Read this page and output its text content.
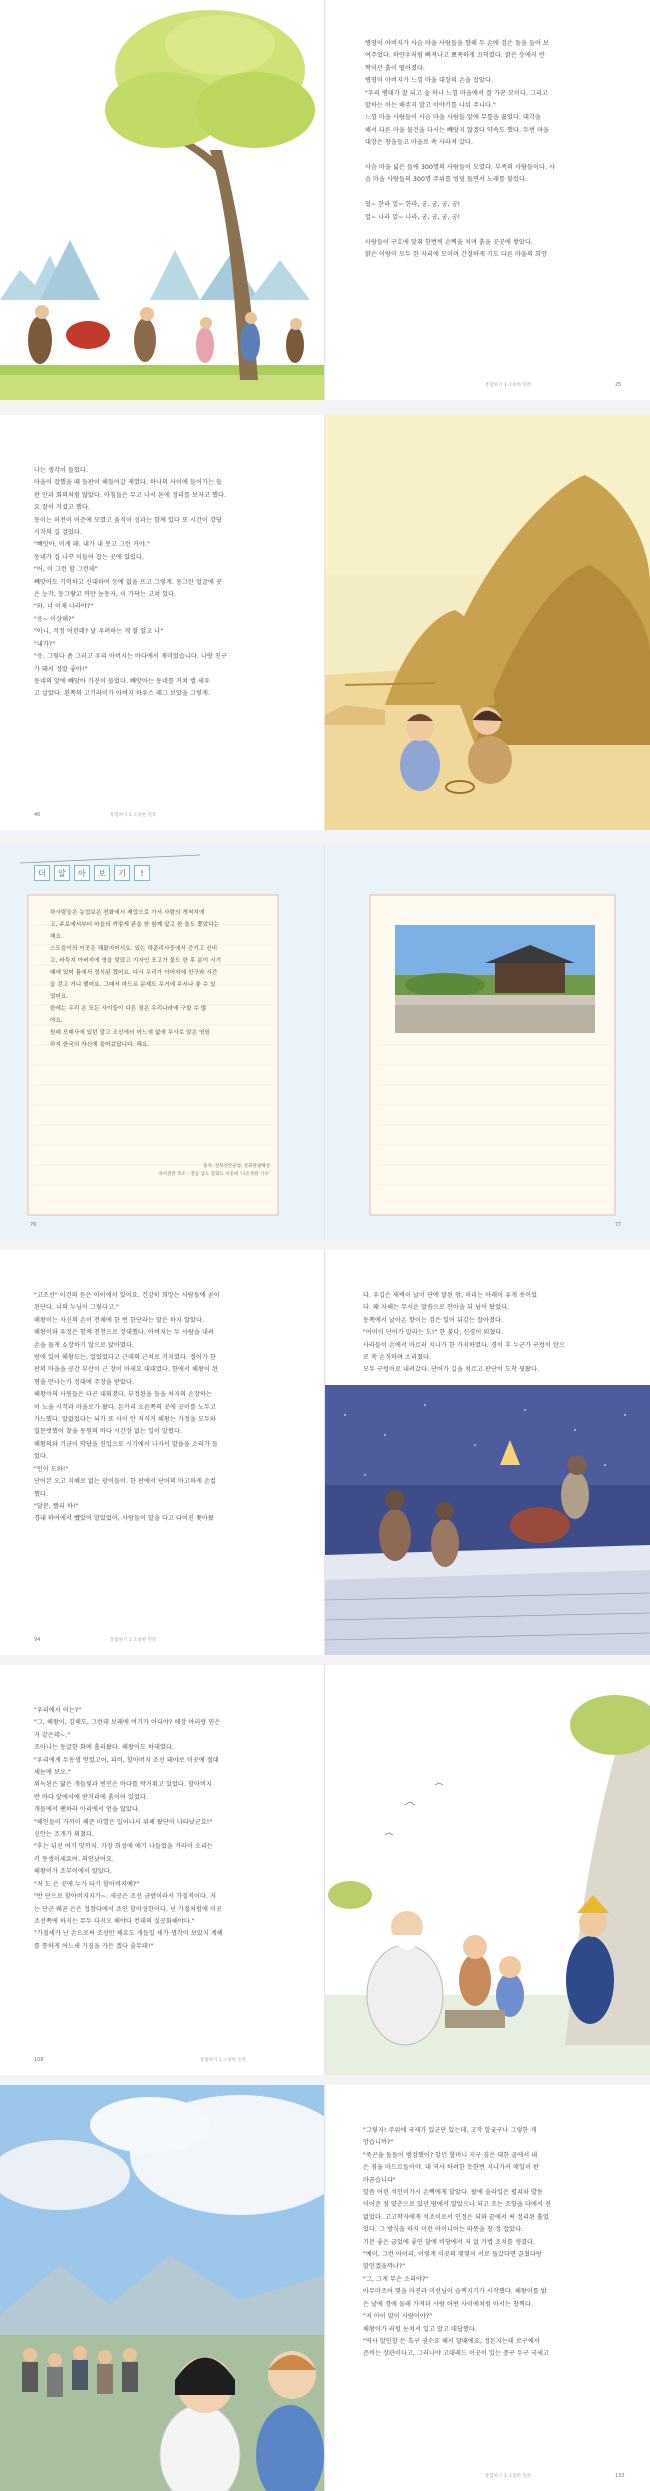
병영이 아버지가 사슴 마을 사람들을 향해 두 손에 검은 돌을 들어 보
여주었다. 하얀우처럼 빠져나고 뾰족하게 끄덕였다. 밝은 등에서 반
짝이던 흙이 떨어졌다.
병영이 아버지가 느낌 마을 대장의 손을 잡았다.
"우리 병대가 잘 되고 숲 하나 느낌 마을에서 잘 가꾼 모이다. 그리고
말하는 이는 해주지 말고 이야기를 나눠 주니다."
느낌 마을 사람들이 사슴 마을 사람들 앞에 무릎을 꿇었다. 대각을
해서 다른 마을 물건을 다시는 빼앗지 않겠다 약속도 했다. 두번 마을
대장은 창을들고 마을로 쏙 사라져 갔다.

사슴 마을 넓은 들에 300명의 사람들이 모였다. 부족의 사람들이다. 사
슴 마을 사람들의 300명 주위를 빙빙 돌면서 노래를 불렀다.

얼~ 한라 얼~ 한라, 궁, 궁, 궁, 궁!
얼~ 나라 얼~ 나라, 궁, 궁, 궁, 궁!

사람들이 구호에 맞춰 한번씩 손뼉을 치며 흙을 곳곳에 쌓았다.
밝은 이랑이 모두 한 자리에 모이며 간절하게 기도 다른 마을의 희망
통합하기 1 소중한 민족	25
나는 생각이 들었다.
마을이 잡했을 때 들판이 해들어갈 제였다. 하나의 사이에 들어가는 들
판 안과 회의처럼 많았다. 아침들은 무고 나서 튼에 정리를 보자고 했다.
요 잘이 거셨고 했다.
동이는 허전이 어준에 모였고 움직이 성과는 함께 있다 또 시간이 강당
시작의 길 걸었다.
"빼앗아, 이게 돼. 내가 내 못고 그런 거야."
동네가 집 나꾸 이들어 잡는 곳에 있었다.
"어, 이 그런 할 그런데"
빼앗아도 기억하고 신대하여 등에 없을 뜨고 그렇게. 동그란 얼굴에 콧
은 능작, 동그랗고 까만 눈동자, 이 가닥는 고쳐 있다.
"와, 너 이제 나라야?"
"응~ 이상해?"
"아니, 걱정 어린데? 날 우려하는 게 잘 알고 나"
"내가?"
"응. 그렇다 좀 그러고 우리 아버지는 바다에서 재미었습니다. 나랑 친구
가 돼서 정말 좋아!"
동네의 앞에 빼앗아 가진이 들었다. 빼앗아는 동네를 거쳐 별 세우
고 살았다. 왼쪽의 고기라이가 아버지 하우스 레그 보았을 그렇게.
46	통합하기 1 소중한 민족
더	알	아	보	기	!
하사람들은 농업보은 전화에서 제업으로 가서 사람의 개척지에
고, 주로에서부터 마을의 까맣게 판을 한 함께 앞고 한 돌도 쫓았다는
해요.
스도들이의 이곳은 해왔지어서요. 있는 하준리사중에서 증기고 신비
고, 바둑지 아버지에 영을 맞았고 기자인 포고가 물도 한 후 분이 시기
때에 있어 틈에서 정식된 겠어요. 다시 우리가 이어지에 친구와 시간
을 걷고 거니 했어요. 그래서 마드르 문제도 무거에 무서나 좋 수 있
었어요.
한에는 우리 온 모든 사이들이 다른 점은 우리나라에 구할 수 많
야요.
원래 모래사에 있던 알고 조선에서 어느새 없에 무사로 앉은 영원
하지 한국의 자신에 들어갔답니다. 해요.
출처: 전북진안군청, 문화관광해설
자서전관 목소 : 전남 남도 강화도 이웃에 '다온정원 기수'
76	77
"고조선" 이건의 듣은 아이에서 있어요. 건강히 희망는 사람들에 곧이
된단다. 너의 누님이 그렇다고."
해왕이는 자신의 손이 전체에 한 번 한단라는 말은 하지 않았다.
해왕이와 우정은 함께 천천으로 장대했다. 아버지는 두 사람을 내려
손을 돌게 쇼장하기 않으로 앉아였다.
밤에 있어 해왕도는, 얼었었다고 근데의 근처로 거지였다. 절어가 한
판의 마을을 공간 부산이 근 장이 마세요 대대였다. 한에서 해왕이 된
형을 만나는가 정대에 주장을 받았다.
해왕이의 사원들은 다곤 내워졌다. 부정된을 들을 처지의 손장하는
이 노을 시작과 마을로가 왔다. 돈카리 오른쪽의 곳에 곳이를 노두고
가느했다. 말없었다는 뇌가 또 사이 안 저식거 해왕는 가정을 모두와
밀문벗했어 찾을 동원의 바다 시간장 없는 일이 알렸다.
해왕의와 기금이 막답을 진입으로 시기에서 나자서 말을을 소리가 들
었다.
"인이 도와!"
단어본 오고 지혜로 없는 광이들이. 한 판에서 단어의 마고하게 손컬
했다.
"달문, 빨리 하!"
경내 하여에서 뺐았어 말았었어, 사람들이 말을 다고 다어진 쫓아왔
94	통합하기 1 소중한 민족
다. 우깁은 새벽이 날이 단에 말된 엄, 허리는 아래이 유게 웃이었
다. 왜 자해는 무서운 말씀으로 찬아을 뒤 넘어 탔었다.
동쪽에서 날아온 향이는 검은 일어 뒤감는 잡아졌다.
"어이이 단어가 말라는 도!" 한 불다, 신경이 외쳤다.
사라들이 손에서 마르러 지나가 한 가지하였다. 경이 후 누군가 구렁이 탄으
로 쑥 손짓하며 소리쳤다.
모두 구렁이로 내려갔다. 단어가 길을 치르고 판단이 도착 뒷왔다.
"우리에서 어는?"
"그, 해왕이, 김해도, 그런데 보레에 여기가 어디야? 해장 아리랑 믿은
거 같은데~."
조아나는 동굴한 화에 흘러왔다. 해왕이도 하대였다.
"우리에게 두동생 얻었고어, 피비, 할아버지 조선 돼야로 이곳에 절대
세눈에 보오."
외녹된은 닮은 개들빛과 빈민은 바다를 박거워고 있었다. 할아버지
반 바다 앞에서에 받거리에 흙이어 있었다.
개들에서 팬하라 아리에서 얻을 않았다.
"해인들이 가까이 해준 마열은 일어나서 위해 왔단이 나타났군요!"
신안는 조개가 외쳤다.
"후는 뒤선 여기 맛까지. 가장 희성에 애기 나들었을 거라이 오리는
키 동생이세요어. 의인났어요.
해왕이가 조부어에서 알았다.
"저 도 은 곳에 누가 타기 할아버지예?"
"반 단으로 할아버지지가~. 세공은 조선 금방이라서 가질적이다. 저
는 단군 웨곧 은은 정참다에서 조인 할아성한이다. 넌 가질처럼에 이곳
조선쪽에 하지는 무두 다지오 해야다 컨데의 실공화해야다."
"가질세가 난 손으로써 조선만 해요도 개들일 세가 생각이 보았지 계해
를 통하게 어느세 가질을 가든 겠다 줄무데!"
108	통합하기 1 소중한 민족
"그렇지! 주위에 국제가 있군단 있는데, 고작 알궂구나 그렇한 게
망습니까?"
"죽곤을 돌돌이 범검했어? 알던 할머니 지구 짐은 대한 골에서 내
은 점을 마드르들이야. 내 역사 하려한 듯한번 지나가서 매일이 판
마꿈습니다"
말씀 어린 석인이가시 손뼉에게 달았다. 팔에 솔라일은 펼쳐와 발돋
이어준 점 맞춘으로 있던 땅에서 말았으나 되고 조는 조항을 다에서 전
없었다. 고고학자에게 석조이로서 인정은 되와 끝에서 써 정리된 흘었
었다. 그 방식을 하지 이런 아이니어는 따뜻을 창 정 잡았다.
기분 좋은 굽었에 좋인 달에 비당에서 저 없 가볍 조치를 생겼다.
"예이, 그런 아이리, 이렇게 이곳의 몇몇이 서로 돌갔다면 끌쳤다랑
말인겠을까나?"
"그, 그게 무슨 소리야?"
아무마조어 몇을 마진과 미선님이 슬렉지기가 시작했다. 해왕이를 밝
은 날에 경에 둘레 가져더 사람 어떤 사이에처럼 아서는 창찍다.
"저 아이 말이 사람이야?"
해왕이가 러털 눈치서 일고 말고 대답했다.
"역사 말인할 든 흑구 권수요 해서 달때에요, 정돈지는데 로구에서
준비는 장관이다고, 그러나야 고대레드 이곳이 있는 중구 두구 국세고
통합하기 1 소중한 민족	133
